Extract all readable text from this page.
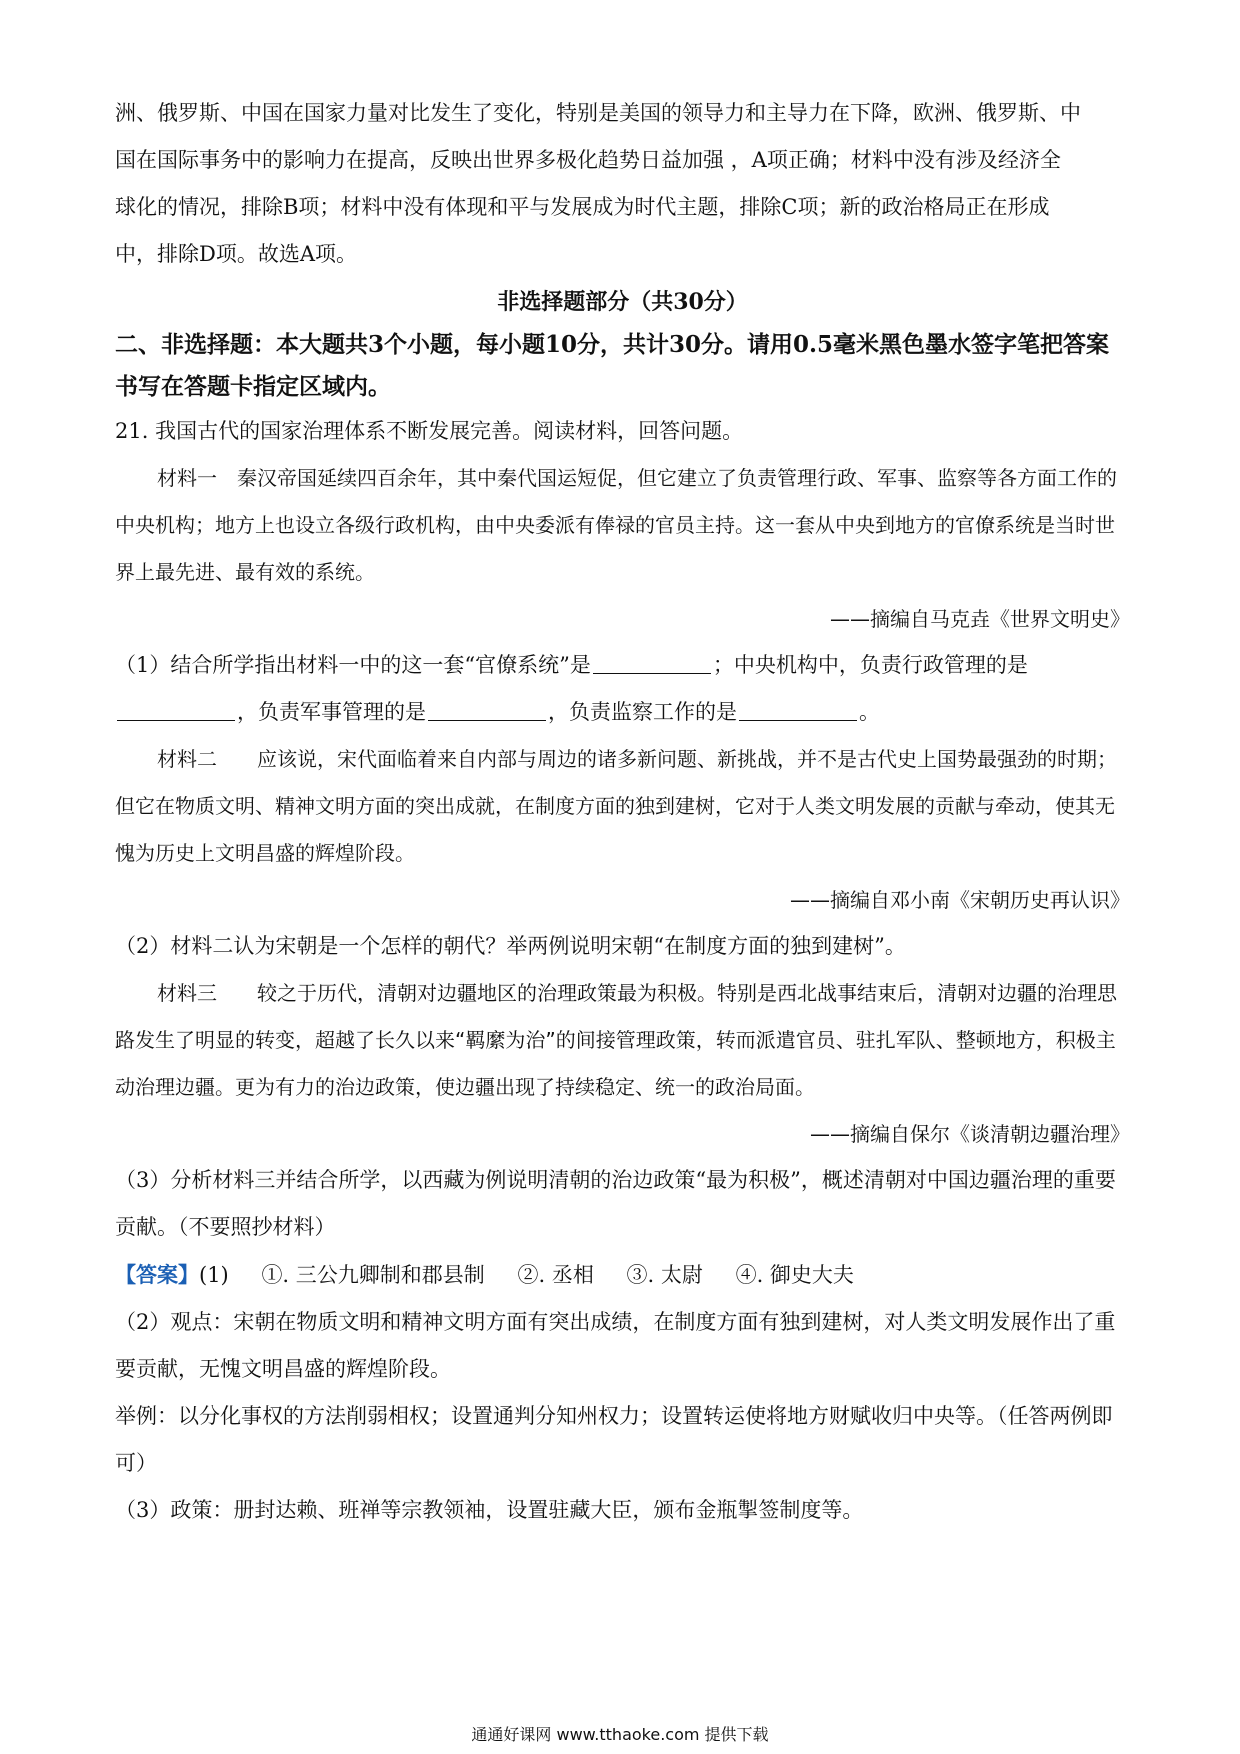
洲、俄罗斯、中国在国家力量对比发生了变化，特别是美国的领导力和主导力在下降，欧洲、俄罗斯、中

国在国际事务中的影响力在提高，反映出世界多极化趋势日益加强 ，A项正确；材料中没有涉及经济全

球化的情况，排除B项；材料中没有体现和平与发展成为时代主题，排除C项；新的政治格局正在形成

中，排除D项。故选A项。

非选择题部分（共30分）
二、非选择题：本大题共3个小题，每小题10分，共计30分。请用0.5毫米黑色墨水签字笔把答案书写在答题卡指定区域内。

21. 我国古代的国家治理体系不断发展完善。阅读材料，回答问题。

材料一　秦汉帝国延续四百余年，其中秦代国运短促，但它建立了负责管理行政、军事、监察等各方面工作的中央机构；地方上也设立各级行政机构，由中央委派有俸禄的官员主持。这一套从中央到地方的官僚系统是当时世界上最先进、最有效的系统。

——摘编自马克垚《世界文明史》

（1）结合所学指出材料一中的这一套“官僚系统”是	；中央机构中，负责行政管理的是
，负责军事管理的是	，负责监察工作的是	。

材料二　　应该说，宋代面临着来自内部与周边的诸多新问题、新挑战，并不是古代史上国势最强劲的时期；但它在物质文明、精神文明方面的突出成就，在制度方面的独到建树，它对于人类文明发展的贡献与牵动，使其无愧为历史上文明昌盛的辉煌阶段。

——摘编自邓小南《宋朝历史再认识》

（2）材料二认为宋朝是一个怎样的朝代？举两例说明宋朝“在制度方面的独到建树”。

材料三　　较之于历代，清朝对边疆地区的治理政策最为积极。特别是西北战事结束后，清朝对边疆的治理思路发生了明显的转变，超越了长久以来“羁縻为治”的间接管理政策，转而派遣官员、驻扎军队、整顿地方，积极主动治理边疆。更为有力的治边政策，使边疆出现了持续稳定、统一的政治局面。

——摘编自保尔《谈清朝边疆治理》

（3）分析材料三并结合所学，以西藏为例说明清朝的治边政策“最为积极”，概述清朝对中国边疆治理的重要贡献。（不要照抄材料）

【答案】(1) ①. 三公九卿制和郡县制 ②. 丞相 ③. 太尉 ④. 御史大夫

（2）观点：宋朝在物质文明和精神文明方面有突出成绩，在制度方面有独到建树，对人类文明发展作出了重要贡献，无愧文明昌盛的辉煌阶段。

举例：以分化事权的方法削弱相权；设置通判分知州权力；设置转运使将地方财赋收归中央等。（任答两例即可）

（3）政策：册封达赖、班禅等宗教领袖，设置驻藏大臣，颁布金瓶掣签制度等。

通通好课网 www.tthaoke.com 提供下载
